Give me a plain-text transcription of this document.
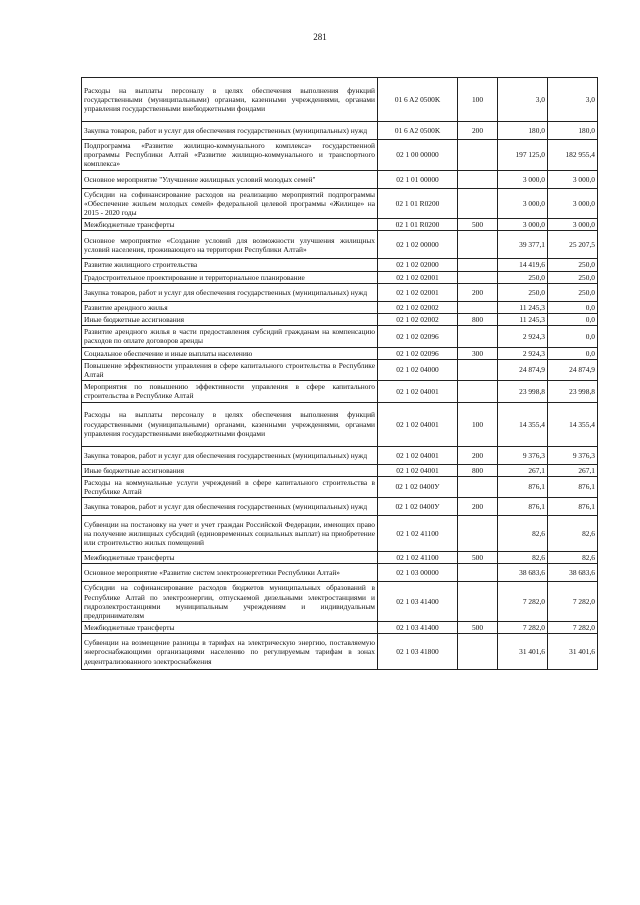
281
Расходы на выплаты персоналу в целях обеспечения выполнения функций государственными (муниципальными) органами, казенными учреждениями, органами управления государственными внебюджетными фондами	01 6 A2 0500K	100	3,0	3,0
Закупка товаров, работ и услуг для обеспечения государственных (муниципальных) нужд	01 6 A2 0500K	200	180,0	180,0
Подпрограмма «Развитие жилищно-коммунального комплекса» государственной программы Республики Алтай «Развитие жилищно-коммунального и транспортного комплекса»	02 1 00 00000		197 125,0	182 955,4
Основное мероприятие "Улучшение жилищных условий молодых семей"	02 1 01 00000		3 000,0	3 000,0
Субсидии на софинансирование расходов на реализацию мероприятий подпрограммы «Обеспечение жильем молодых семей» федеральной целевой программы «Жилище» на 2015 - 2020 годы	02 1 01 R0200		3 000,0	3 000,0
Межбюджетные трансферты	02 1 01 R0200	500	3 000,0	3 000,0
Основное мероприятие «Создание условий для возможности улучшения жилищных условий населения, проживающего на территории Республики Алтай»	02 1 02 00000		39 377,1	25 207,5
Развитие жилищного строительства	02 1 02 02000		14 419,6	250,0
Градостроительное проектирование и территориальное планирование	02 1 02 02001		250,0	250,0
Закупка товаров, работ и услуг для обеспечения государственных (муниципальных) нужд	02 1 02 02001	200	250,0	250,0
Развитие арендного жилья	02 1 02 02002		11 245,3	0,0
Иные бюджетные ассигнования	02 1 02 02002	800	11 245,3	0,0
Развитие арендного жилья в части предоставления субсидий гражданам на компенсацию расходов по оплате договоров аренды	02 1 02 02096		2 924,3	0,0
Социальное обеспечение и иные выплаты населению	02 1 02 02096	300	2 924,3	0,0
Повышение эффективности управления в сфере капитального строительства в Республике Алтай	02 1 02 04000		24 874,9	24 874,9
Мероприятия по повышению эффективности управления в сфере капитального строительства в Республике Алтай	02 1 02 04001		23 998,8	23 998,8
Расходы на выплаты персоналу в целях обеспечения выполнения функций государственными (муниципальными) органами, казенными учреждениями, органами управления государственными внебюджетными фондами	02 1 02 04001	100	14 355,4	14 355,4
Закупка товаров, работ и услуг для обеспечения государственных (муниципальных) нужд	02 1 02 04001	200	9 376,3	9 376,3
Иные бюджетные ассигнования	02 1 02 04001	800	267,1	267,1
Расходы на коммунальные услуги учреждений в сфере капитального строительства в Республике Алтай	02 1 02 0400У		876,1	876,1
Закупка товаров, работ и услуг для обеспечения государственных (муниципальных) нужд	02 1 02 0400У	200	876,1	876,1
Субвенции на постановку на учет и учет граждан Российской Федерации, имеющих право на получение жилищных субсидий (единовременных социальных выплат) на приобретение или строительство жилых помещений	02 1 02 41100		82,6	82,6
Межбюджетные трансферты	02 1 02 41100	500	82,6	82,6
Основное мероприятие «Развитие систем электроэнергетики Республики Алтай»	02 1 03 00000		38 683,6	38 683,6
Субсидии на софинансирование расходов бюджетов муниципальных образований в Республике Алтай по электроэнергии, отпускаемой дизельными электростанциями и гидроэлектростанциями муниципальным учреждениям и индивидуальным предпринимателям	02 1 03 41400		7 282,0	7 282,0
Межбюджетные трансферты	02 1 03 41400	500	7 282,0	7 282,0
Субвенции на возмещение разницы в тарифах на электрическую энергию, поставляемую энергоснабжающими организациями населению по регулируемым тарифам в зонах децентрализованного электроснабжения	02 1 03 41800		31 401,6	31 401,6
